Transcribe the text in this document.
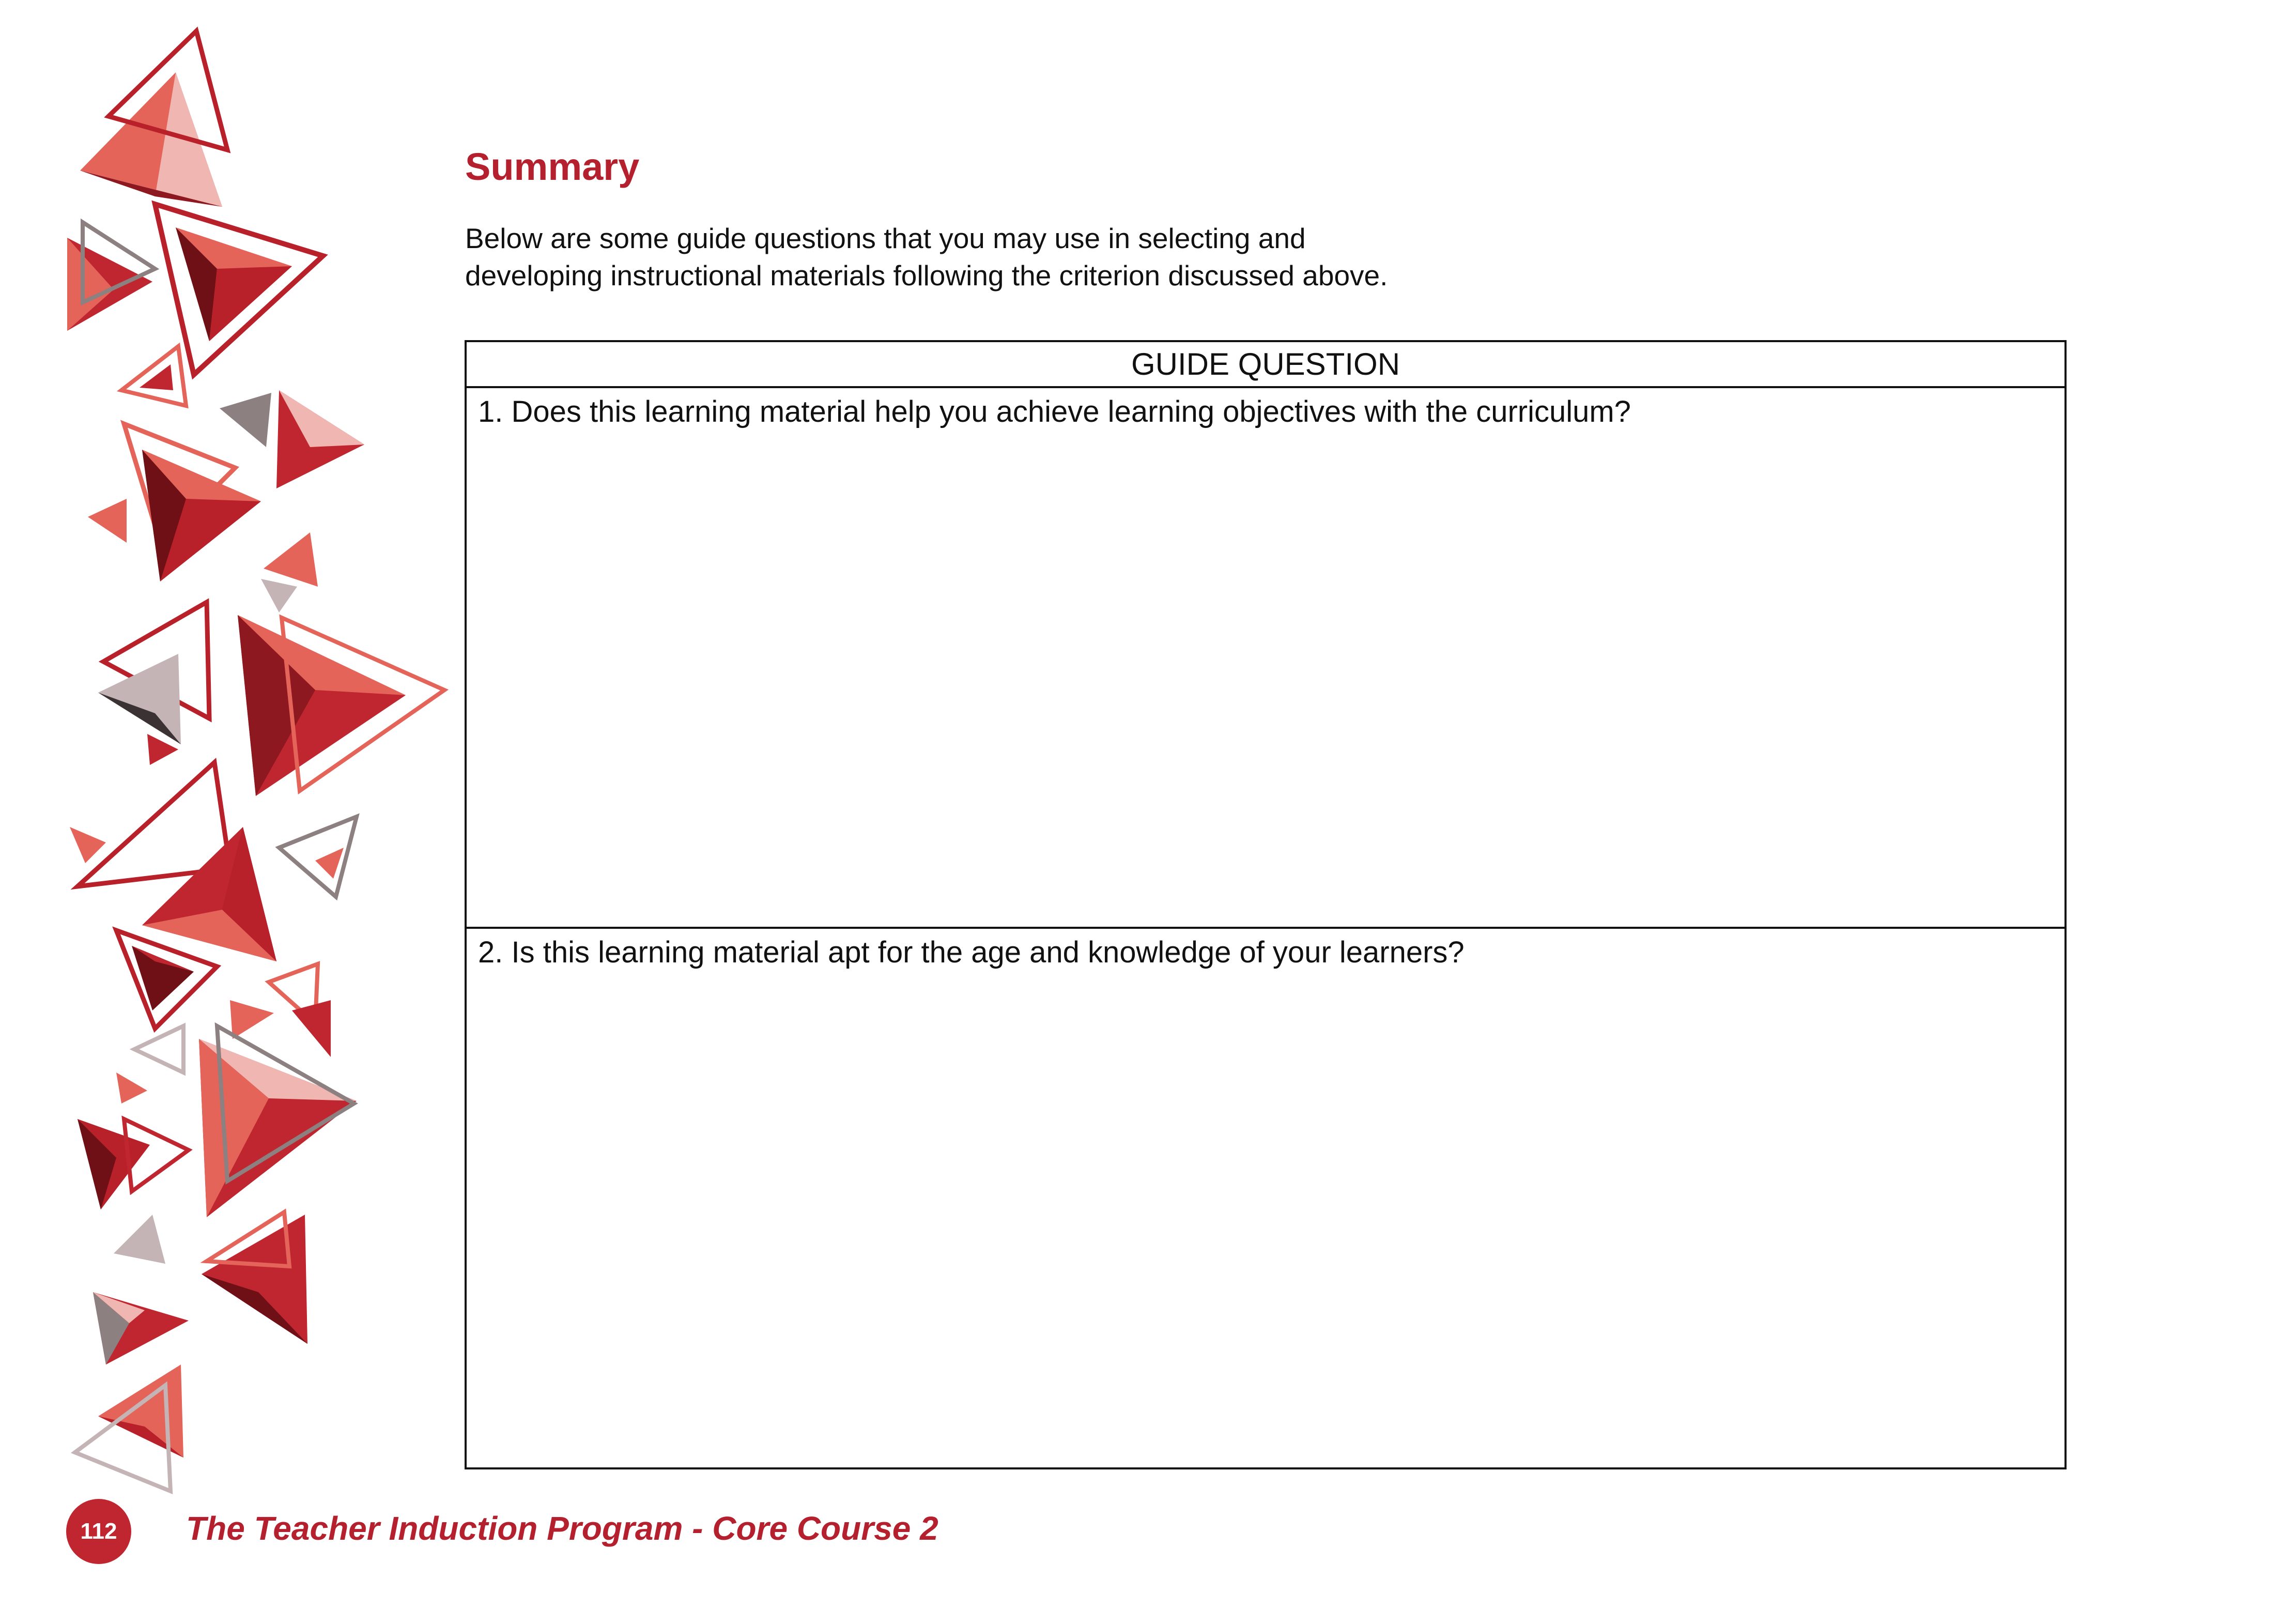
Summary

Below are some guide questions that you may use in selecting and
developing instructional materials following the criterion discussed above.

GUIDE QUESTION
1. Does this learning material help you achieve learning objectives with the curriculum?
2. Is this learning material apt for the age and knowledge of your learners?
112	The Teacher Induction Program - Core Course 2
